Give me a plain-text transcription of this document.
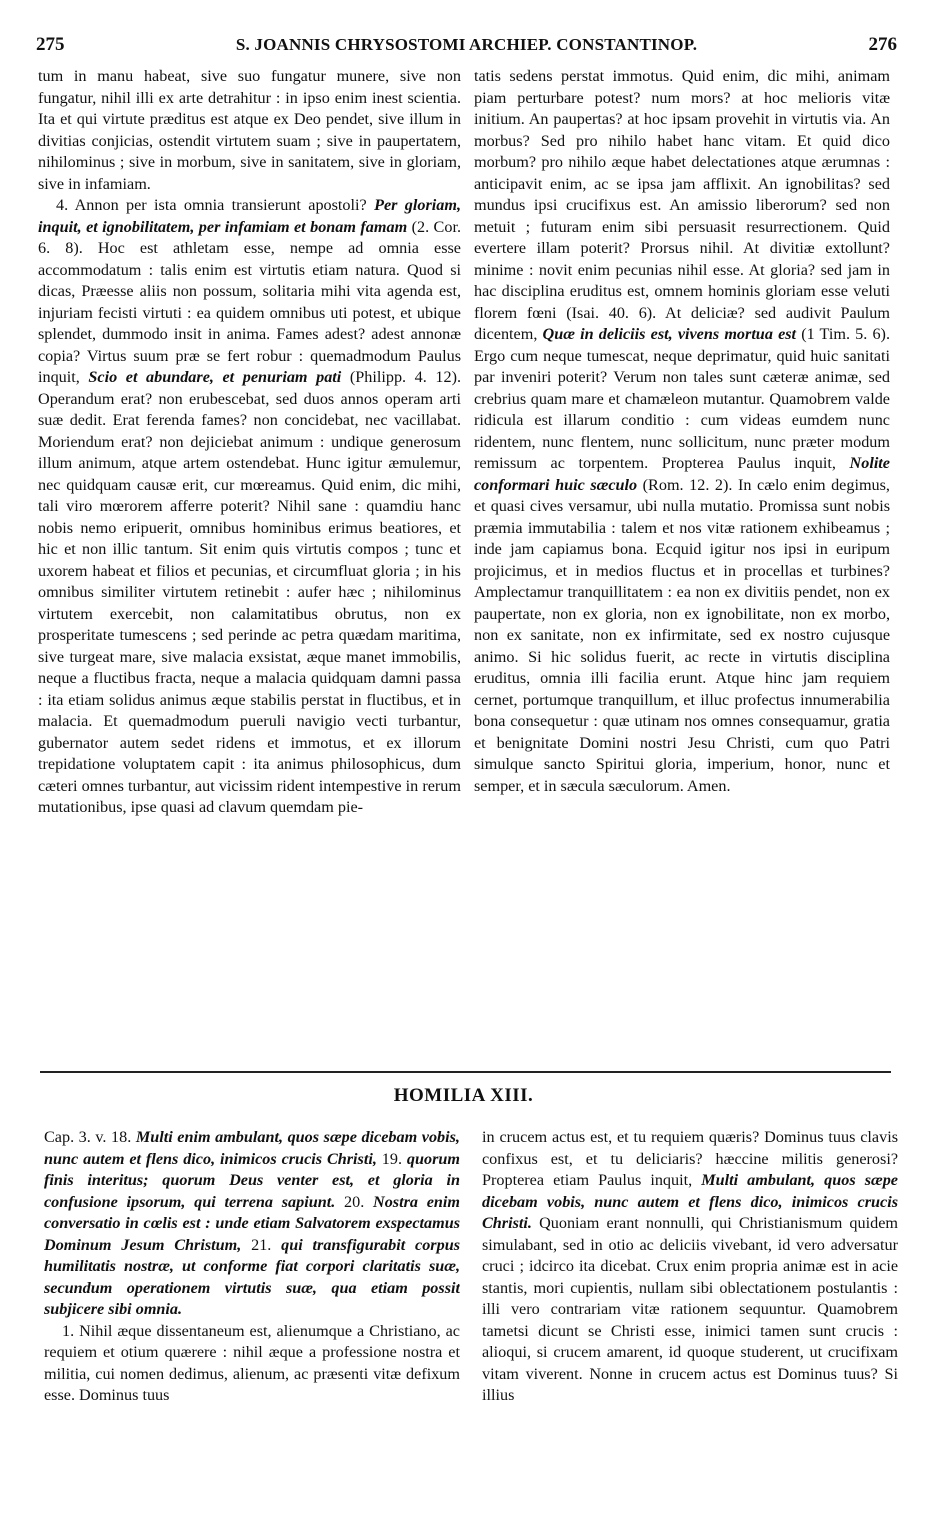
275	S. JOANNIS CHRYSOSTOMI ARCHIEP. CONSTANTINOP.	276

tum in manu habeat, sive suo fungatur munere, sive non fungatur, nihil illi ex arte detrahitur : in ipso enim inest scientia. Ita et qui virtute præditus est atque ex Deo pendet, sive illum in divitias conjicias, ostendit virtutem suam ; sive in paupertatem, nihilominus ; sive in morbum, sive in sanitatem, sive in gloriam, sive in infamiam.

4. Annon per ista omnia transierunt apostoli? Per gloriam, inquit, et ignobilitatem, per infamiam et bonam famam (2. Cor. 6. 8). Hoc est athletam esse, nempe ad omnia esse accommodatum : talis enim est virtutis etiam natura. Quod si dicas, Præesse aliis non possum, solitaria mihi vita agenda est, injuriam fecisti virtuti : ea quidem omnibus uti potest, et ubique splendet, dummodo insit in anima. Fames adest? adest annonæ copia? Virtus suum præ se fert robur : quemadmodum Paulus inquit, Scio et abundare, et penuriam pati (Philipp. 4. 12). Operandum erat? non erubescebat, sed duos annos operam arti suæ dedit. Erat ferenda fames? non concidebat, nec vacillabat. Moriendum erat? non dejiciebat animum : undique generosum illum animum, atque artem ostendebat. Hunc igitur æmulemur, nec quidquam causæ erit, cur mœreamus. Quid enim, dic mihi, tali viro mœrorem afferre poterit? Nihil sane : quamdiu hanc nobis nemo eripuerit, omnibus hominibus erimus beatiores, et hic et non illic tantum. Sit enim quis virtutis compos ; tunc et uxorem habeat et filios et pecunias, et circumfluat gloria ; in his omnibus similiter virtutem retinebit : aufer hæc ; nihilominus virtutem exercebit, non calamitatibus obrutus, non ex prosperitate tumescens ; sed perinde ac petra quædam maritima, sive turgeat mare, sive malacia exsistat, æque manet immobilis, neque a fluctibus fracta, neque a malacia quidquam damni passa : ita etiam solidus animus æque stabilis perstat in fluctibus, et in malacia. Et quemadmodum pueruli navigio vecti turbantur, gubernator autem sedet ridens et immotus, et ex illorum trepidatione voluptatem capit : ita animus philosophicus, dum cæteri omnes turbantur, aut vicissim rident intempestive in rerum mutationibus, ipse quasi ad clavum quemdam pie-

tatis sedens perstat immotus. Quid enim, dic mihi, animam piam perturbare potest? num mors? at hoc melioris vitæ initium. An paupertas? at hoc ipsam provehit in virtutis via. An morbus? Sed pro nihilo habet hanc vitam. Et quid dico morbum? pro nihilo æque habet delectationes atque ærumnas : anticipavit enim, ac se ipsa jam afflixit. An ignobilitas? sed mundus ipsi crucifixus est. An amissio liberorum? sed non metuit ; futuram enim sibi persuasit resurrectionem. Quid evertere illam poterit? Prorsus nihil. At divitiæ extollunt? minime : novit enim pecunias nihil esse. At gloria? sed jam in hac disciplina eruditus est, omnem hominis gloriam esse veluti florem fœni (Isai. 40. 6). At deliciæ? sed audivit Paulum dicentem, Quæ in deliciis est, vivens mortua est (1 Tim. 5. 6). Ergo cum neque tumescat, neque deprimatur, quid huic sanitati par inveniri poterit? Verum non tales sunt cæteræ animæ, sed crebrius quam mare et chamæleon mutantur. Quamobrem valde ridicula est illarum conditio : cum videas eumdem nunc ridentem, nunc flentem, nunc sollicitum, nunc præter modum remissum ac torpentem. Propterea Paulus inquit, Nolite conformari huic sæculo (Rom. 12. 2). In cælo enim degimus, et quasi cives versamur, ubi nulla mutatio. Promissa sunt nobis præmia immutabilia : talem et nos vitæ rationem exhibeamus ; inde jam capiamus bona. Ecquid igitur nos ipsi in euripum projicimus, et in medios fluctus et in procellas et turbines? Amplectamur tranquillitatem : ea non ex divitiis pendet, non ex paupertate, non ex gloria, non ex ignobilitate, non ex morbo, non ex sanitate, non ex infirmitate, sed ex nostro cujusque animo. Si hic solidus fuerit, ac recte in virtutis disciplina eruditus, omnia illi facilia erunt. Atque hinc jam requiem cernet, portumque tranquillum, et illuc profectus innumerabilia bona consequetur : quæ utinam nos omnes consequamur, gratia et benignitate Domini nostri Jesu Christi, cum quo Patri simulque sancto Spiritui gloria, imperium, honor, nunc et semper, et in sæcula sæculorum. Amen.

HOMILIA XIII.

Cap. 3. v. 18. Multi enim ambulant, quos sæpe dicebam vobis, nunc autem et flens dico, inimicos crucis Christi, 19. quorum finis interitus; quorum Deus venter est, et gloria in confusione ipsorum, qui terrena sapiunt. 20. Nostra enim conversatio in cœlis est : unde etiam Salvatorem exspectamus Dominum Jesum Christum, 21. qui transfigurabit corpus humilitatis nostræ, ut conforme fiat corpori claritatis suæ, secundum operationem virtutis suæ, qua etiam possit subjicere sibi omnia.

1. Nihil æque dissentaneum est, alienumque a Christiano, ac requiem et otium quærere : nihil æque a professione nostra et militia, cui nomen dedimus, alienum, ac præsenti vitæ defixum esse. Dominus tuus

in crucem actus est, et tu requiem quæris? Dominus tuus clavis confixus est, et tu deliciaris? hæccine militis generosi? Propterea etiam Paulus inquit, Multi ambulant, quos sæpe dicebam vobis, nunc autem et flens dico, inimicos crucis Christi. Quoniam erant nonnulli, qui Christianismum quidem simulabant, sed in otio ac deliciis vivebant, id vero adversatur cruci ; idcirco ita dicebat. Crux enim propria animæ est in acie stantis, mori cupientis, nullam sibi oblectationem postulantis : illi vero contrariam vitæ rationem sequuntur. Quamobrem tametsi dicunt se Christi esse, inimici tamen sunt crucis : alioqui, si crucem amarent, id quoque studerent, ut crucifixam vitam viverent. Nonne in crucem actus est Dominus tuus? Si illius
